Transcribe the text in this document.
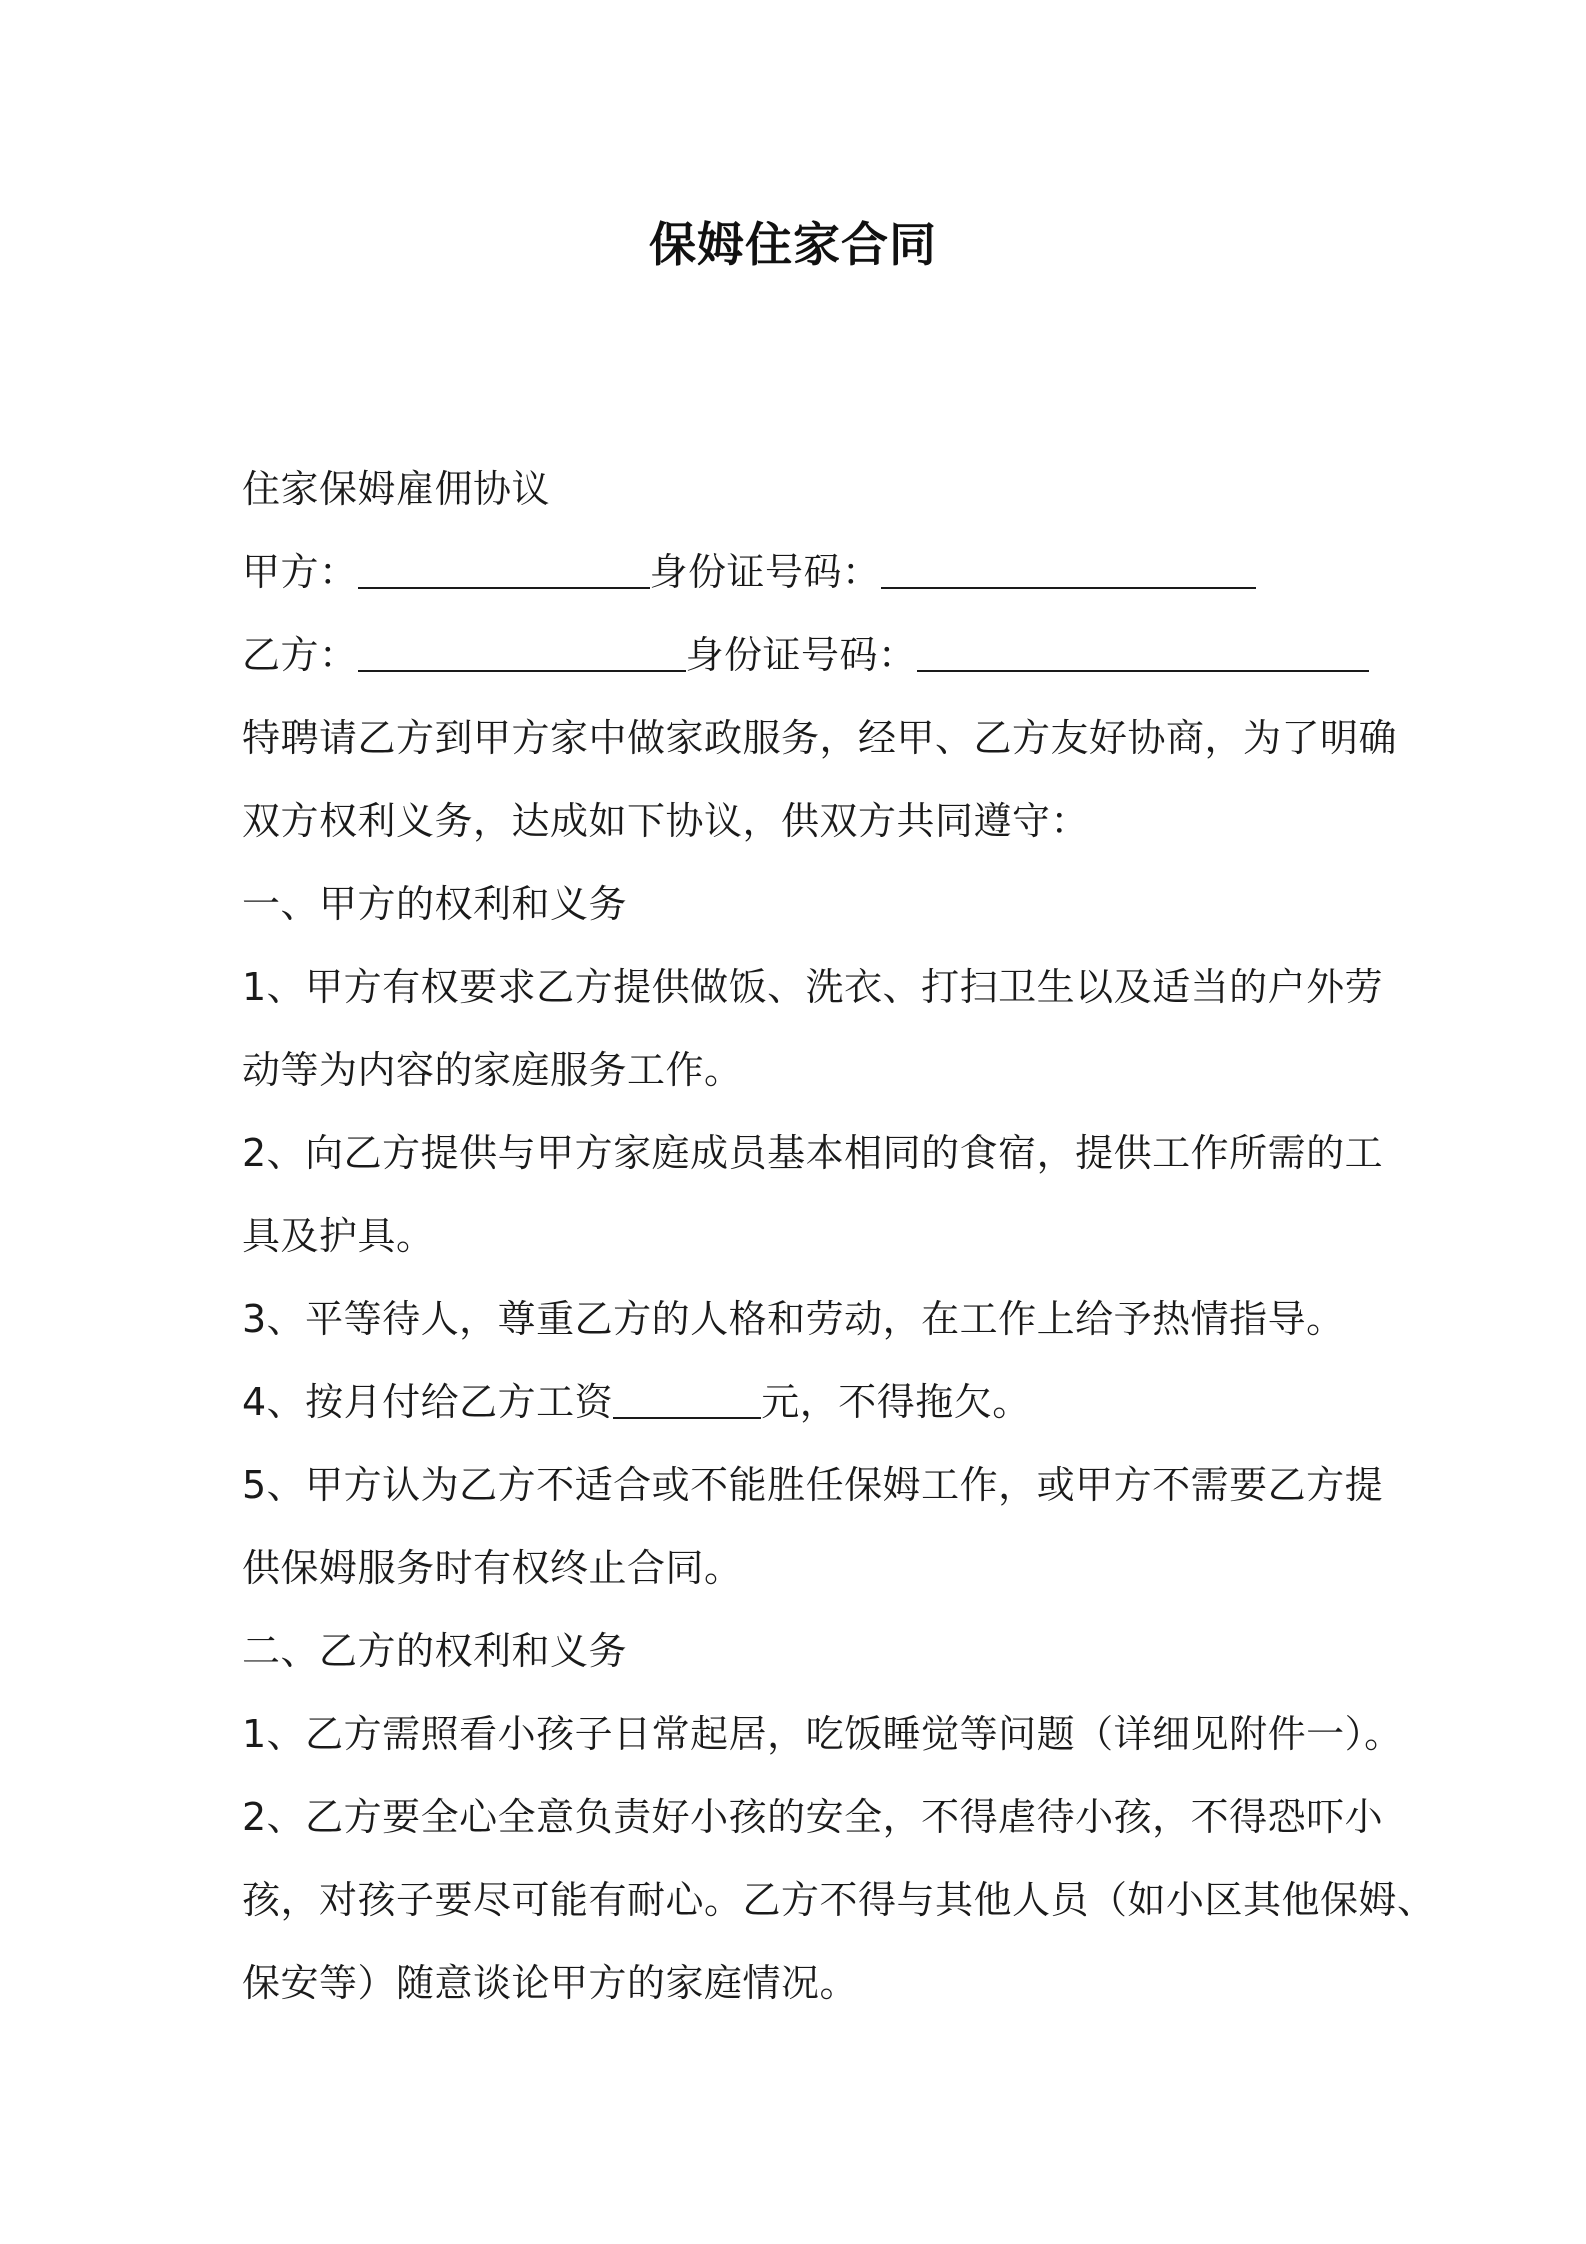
保姆住家合同
住家保姆雇佣协议
甲方：	身份证号码：
乙方：	身份证号码：
特聘请乙方到甲方家中做家政服务，经甲、乙方友好协商，为了明确
双方权利义务，达成如下协议，供双方共同遵守：
一、甲方的权利和义务
1、甲方有权要求乙方提供做饭、洗衣、打扫卫生以及适当的户外劳
动等为内容的家庭服务工作。
2、向乙方提供与甲方家庭成员基本相同的食宿，提供工作所需的工
具及护具。
3、平等待人，尊重乙方的人格和劳动，在工作上给予热情指导。
4、按月付给乙方工资	元，不得拖欠。
5、甲方认为乙方不适合或不能胜任保姆工作，或甲方不需要乙方提
供保姆服务时有权终止合同。
二、乙方的权利和义务
1、乙方需照看小孩子日常起居，吃饭睡觉等问题（详细见附件一）。
2、乙方要全心全意负责好小孩的安全，不得虐待小孩，不得恐吓小
孩，对孩子要尽可能有耐心。乙方不得与其他人员（如小区其他保姆、
保安等）随意谈论甲方的家庭情况。
